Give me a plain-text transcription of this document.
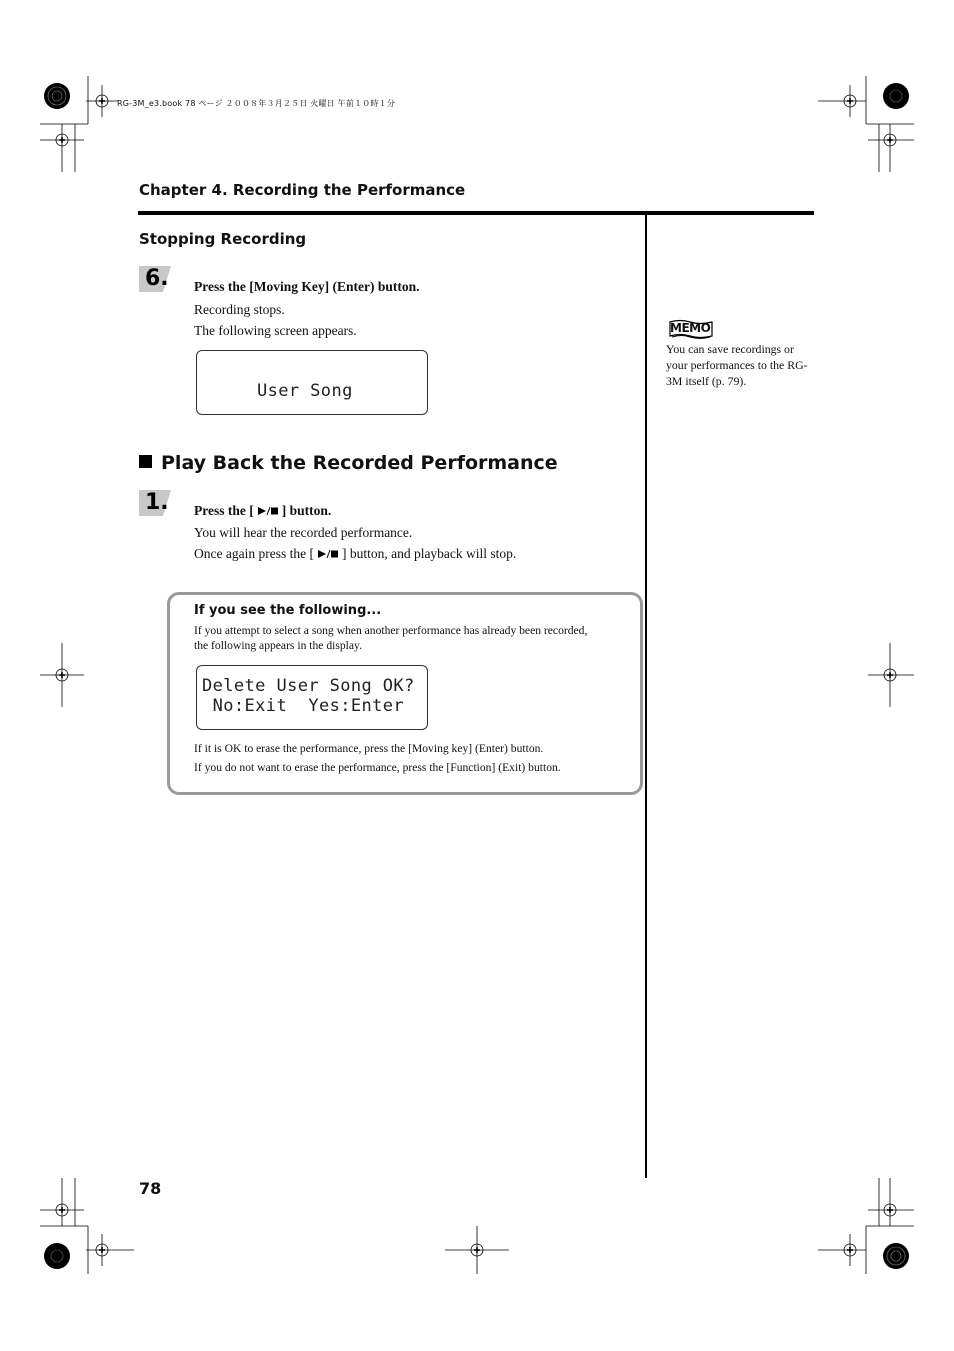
RG-3M_e3.book 78 ページ ２００８年３月２５日 火曜日 午前１０時１分
Chapter 4. Recording the Performance
Stopping Recording
6. Press the [Moving Key] (Enter) button.
Recording stops.
The following screen appears.
User Song
Play Back the Recorded Performance
1. Press the [ ] button.
You will hear the recorded performance.
Once again press the [ ] button, and playback will stop.
If you see the following...
If you attempt to select a song when another performance has already been recorded,
the following appears in the display.
Delete User Song OK?
No:Exit  Yes:Enter
If it is OK to erase the performance, press the [Moving key] (Enter) button.
If you do not want to erase the performance, press the [Function] (Exit) button.
MEMO
You can save recordings or your performances to the RG-3M itself (p. 79).
78
